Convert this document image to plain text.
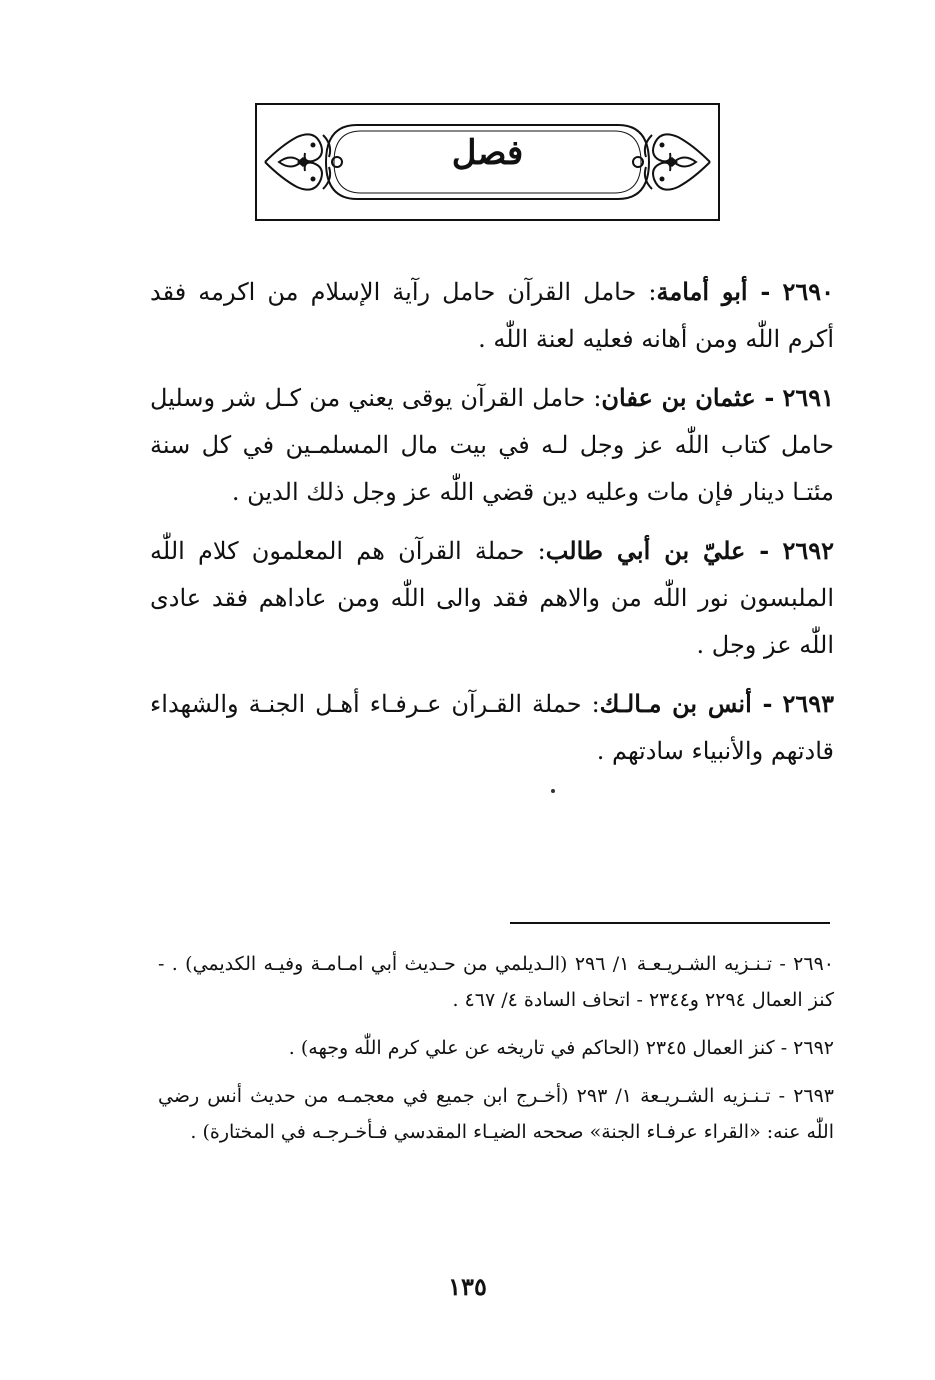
فصل

٢٦٩٠ - أبو أمامة: حامل القرآن حامل رآية الإسلام من اكرمه فقد أكرم اللّٰه ومن أهانه فعليه لعنة اللّٰه .

٢٦٩١ - عثمان بن عفان: حامل القرآن يوقى يعني من كـل شر وسليل حامل كتاب اللّٰه عز وجل لـه في بيت مال المسلمـين في كل سنة مئتـا دينار فإن مات وعليه دين قضي اللّٰه عز وجل ذلك الدين .

٢٦٩٢ - عليّ بن أبي طالب: حملة القرآن هم المعلمون كلام اللّٰه الملبسون نور اللّٰه من والاهم فقد والى اللّٰه ومن عاداهم فقد عادى اللّٰه عز وجل .

٢٦٩٣ - أنس بن مـالـك: حملة القـرآن عـرفـاء أهـل الجنـة والشهداء قادتهم والأنبياء سادتهم .

٢٦٩٠ - تـنـزيه الشـريـعـة ١/ ٢٩٦ (الـديلمي من حـديث أبي امـامـة وفيـه الكديمي) . - كنز العمال ٢٢٩٤ و٢٣٤٤ - اتحاف السادة ٤/ ٤٦٧ .

٢٦٩٢ - كنز العمال ٢٣٤٥ (الحاكم في تاريخه عن علي كرم اللّٰه وجهه) .

٢٦٩٣ - تـنـزيه الشـريـعة ١/ ٢٩٣ (أخـرج ابن جميع في معجمـه من حديث أنس رضي اللّٰه عنه: «القراء عرفـاء الجنة» صححه الضيـاء المقدسي فـأخـرجـه في المختارة) .

١٣٥
